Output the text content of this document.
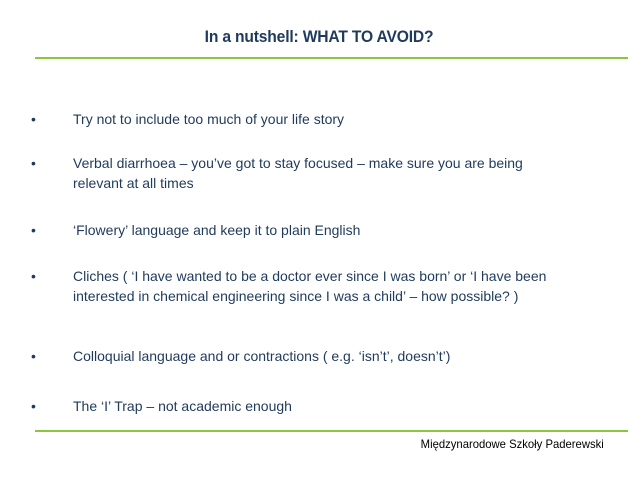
In a nutshell: WHAT TO AVOID?
•	Try not to include too much of your life story
•	Verbal diarrhoea – you’ve got to stay focused – make sure you are being relevant at all times
•	‘Flowery’ language and keep it to plain English
•	Cliches ( ‘I have wanted to be a doctor ever since I was born’ or ‘I have been interested in chemical engineering since I was a child’ – how possible? )
•	Colloquial language and or contractions ( e.g. ‘isn’t’, doesn’t’)
•	The ‘I’ Trap – not academic enough
Międzynarodowe Szkoły Paderewski
